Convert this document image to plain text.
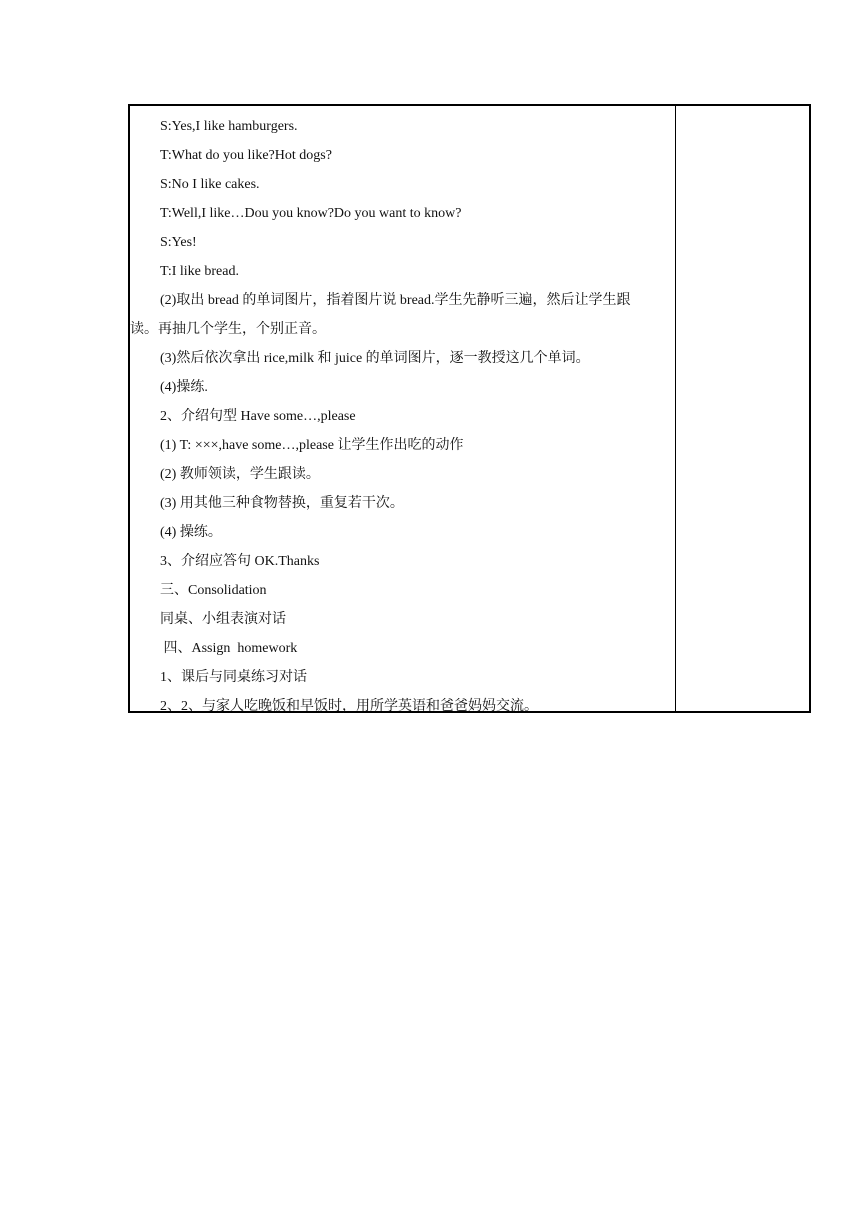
S:Yes,I like hamburgers.
T:What do you like?Hot dogs?
S:No I like cakes.
T:Well,I like…Dou you know?Do you want to know?
S:Yes!
T:I like bread.
(2)取出 bread 的单词图片，指着图片说 bread.学生先静听三遍，然后让学生跟
读。再抽几个学生，个别正音。
(3)然后依次拿出 rice,milk 和 juice 的单词图片，逐一教授这几个单词。
(4)操练.
2、介绍句型 Have some…,please
(1) T: ×××,have some…,please 让学生作出吃的动作
(2) 教师领读，学生跟读。
(3) 用其他三种食物替换，重复若干次。
(4) 操练。
3、介绍应答句 OK.Thanks
三、Consolidation
同桌、小组表演对话
四、Assign  homework
1、课后与同桌练习对话
2、2、与家人吃晚饭和早饭时，用所学英语和爸爸妈妈交流。
